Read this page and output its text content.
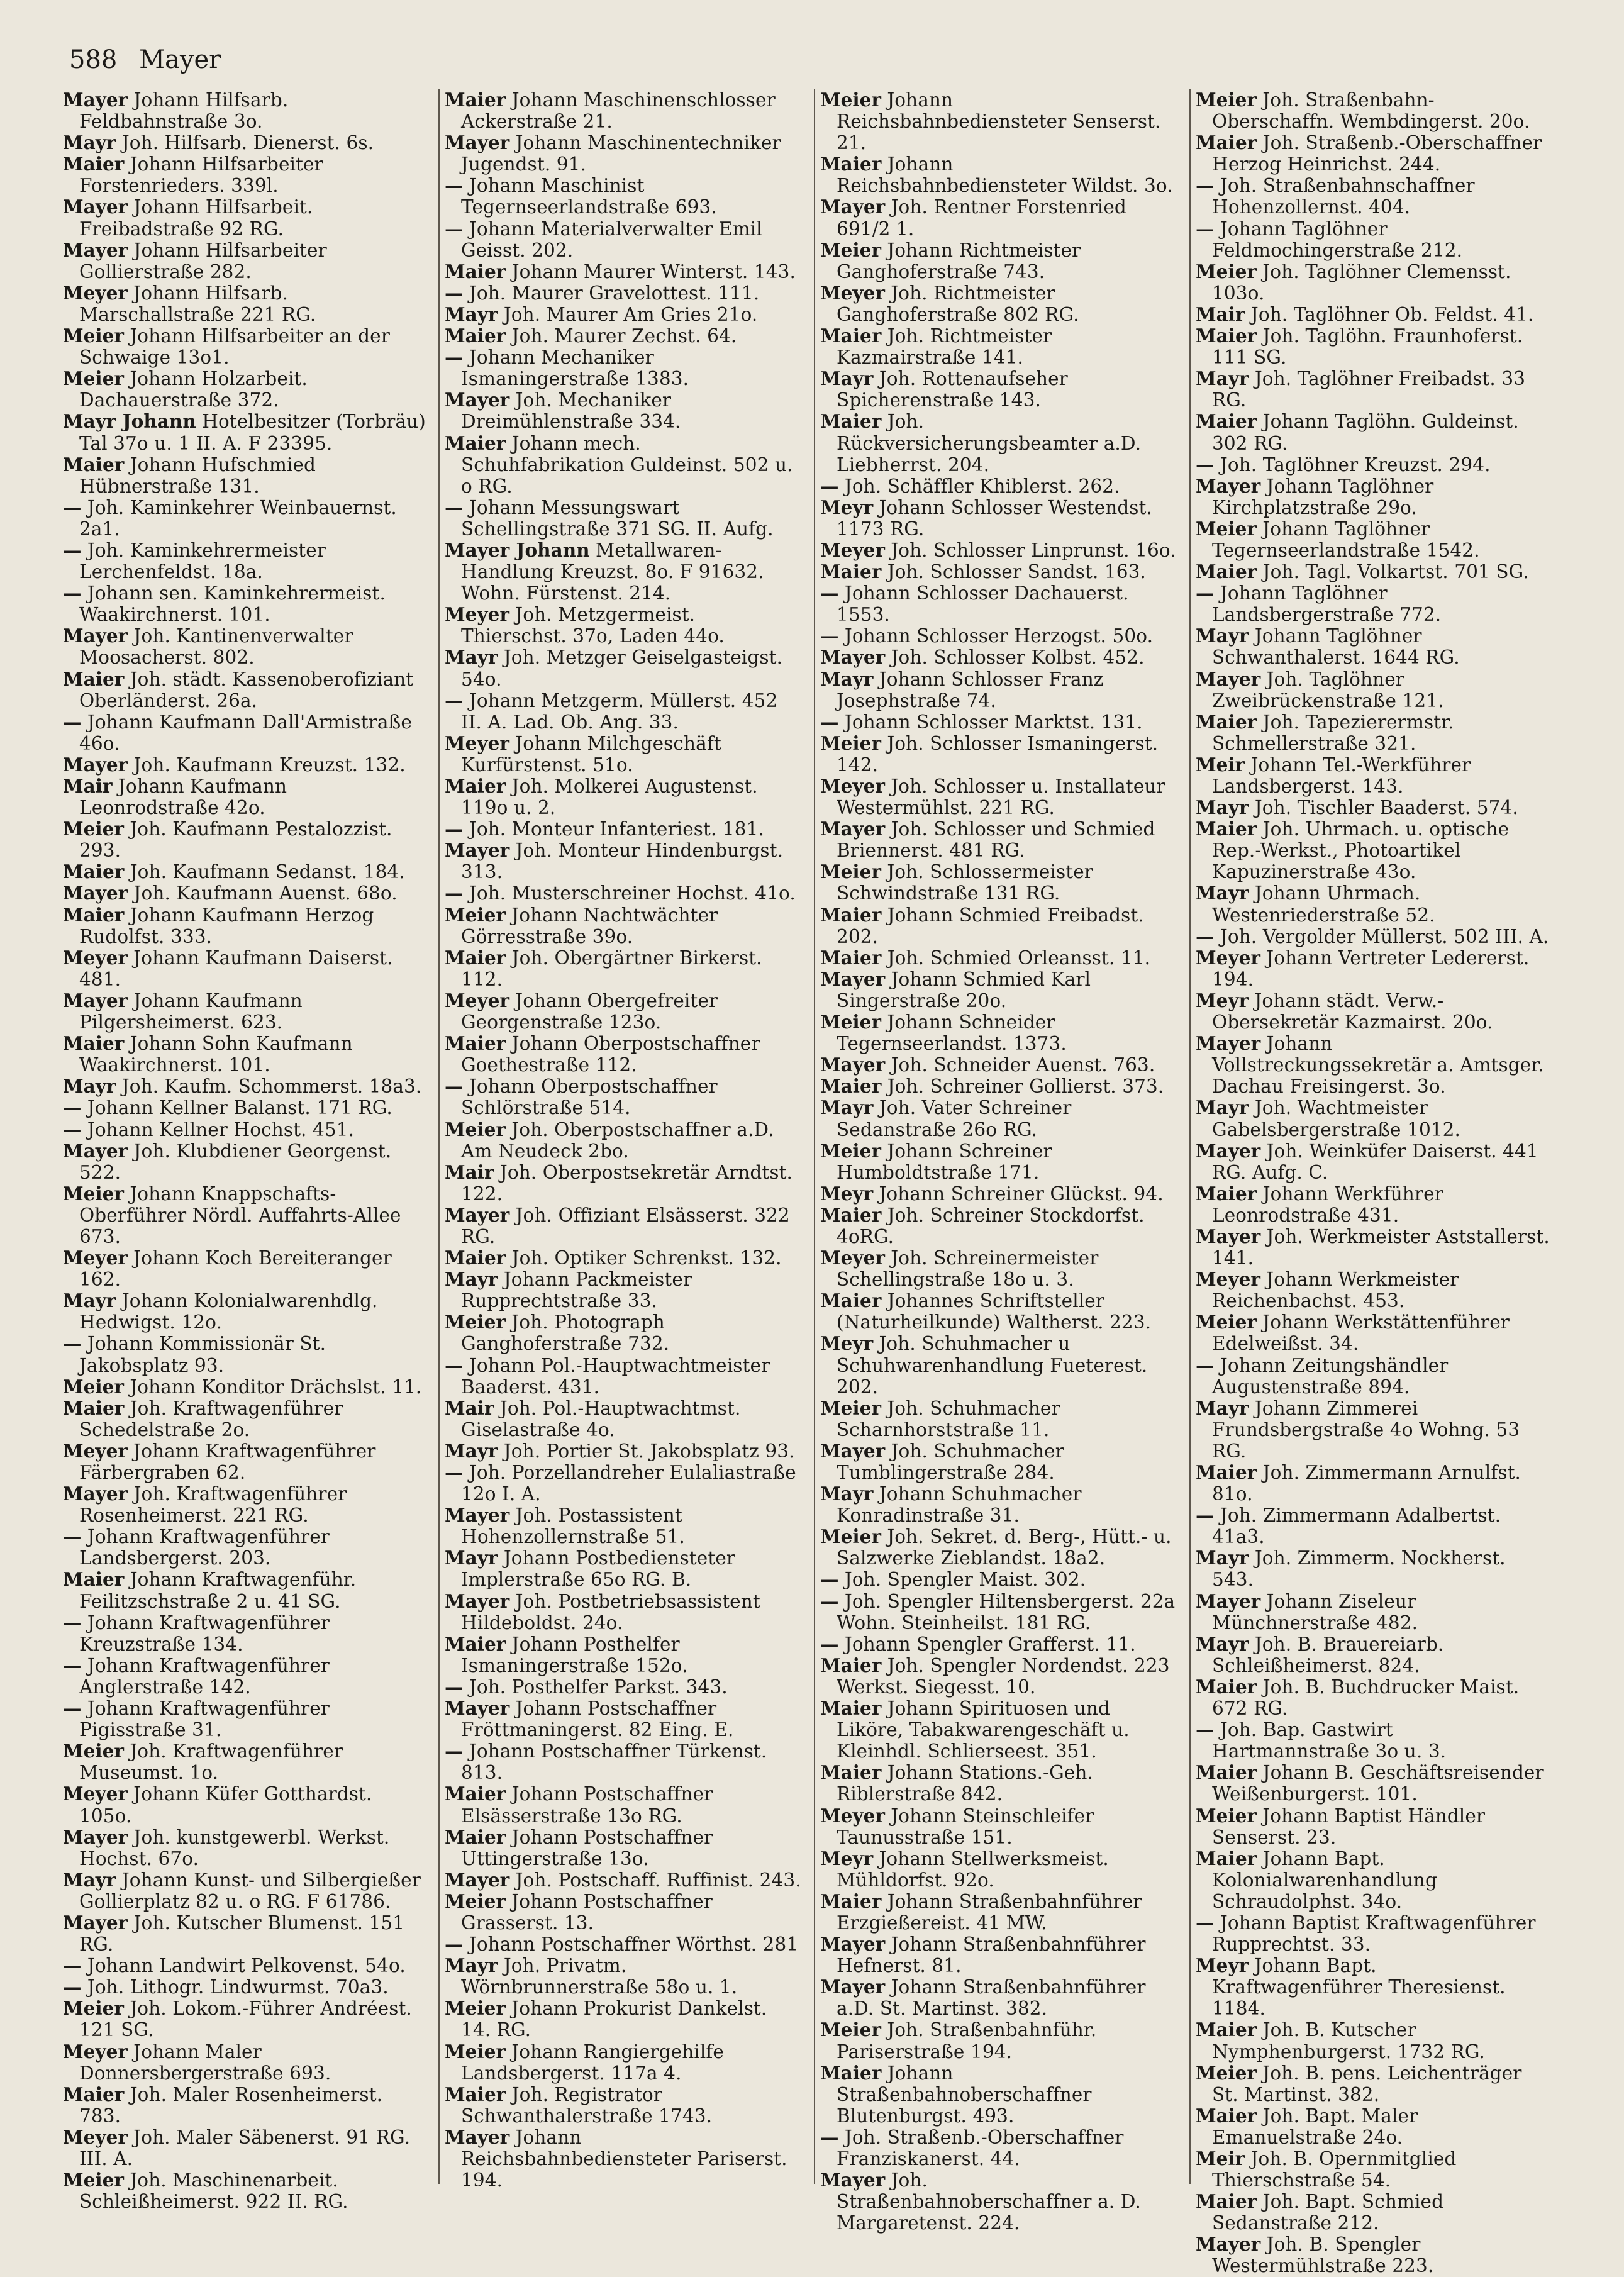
588 Mayer
Mayer Johann Hilfsarb. Feldbahnstraße 3o.
Mayr Joh. Hilfsarb. Dienerst. 6s.
Maier Johann Hilfsarbeiter Forstenrieders. 339l.
Mayer Johann Hilfsarbeit. Freibadstraße 92 RG.
Mayer Johann Hilfsarbeiter Gollierstraße 282.
Meyer Johann Hilfsarb. Marschallstraße 221 RG.
Meier Johann Hilfsarbeiter an der Schwaige 13o1.
Meier Johann Holzarbeit. Dachauerstraße 372.
Mayr Johann Hotelbesitzer (Torbräu) Tal 37o u. 1 II. A. F 23395.
Maier Johann Hufschmied Hübnerstraße 131.
— Joh. Kaminkehrer Weinbauernst. 2a1.
— Joh. Kaminkehrermeister Lerchenfeldst. 18a.
— Johann sen. Kaminkehrermeist. Waakirchnerst. 101.
Mayer Joh. Kantinenverwalter Moosacherst. 802.
Maier Joh. städt. Kassenoberofiziant Oberländerst. 26a.
— Johann Kaufmann Dall'Armistraße 46o.
Mayer Joh. Kaufmann Kreuzst. 132.
Mair Johann Kaufmann Leonrodstraße 42o.
Meier Joh. Kaufmann Pestalozzist. 293.
Maier Joh. Kaufmann Sedanst. 184.
Mayer Joh. Kaufmann Auenst. 68o.
Maier Johann Kaufmann Herzog Rudolfst. 333.
Meyer Johann Kaufmann Daiserst. 481.
Mayer Johann Kaufmann Pilgersheimerst. 623.
Maier Johann Sohn Kaufmann Waakirchnerst. 101.
Mayr Joh. Kaufm. Schommerst. 18a3.
— Johann Kellner Balanst. 171 RG.
— Johann Kellner Hochst. 451.
Mayer Joh. Klubdiener Georgenst. 522.
Meier Johann Knappschafts-Oberführer Nördl. Auffahrts-Allee 673.
Meyer Johann Koch Bereiteranger 162.
Mayr Johann Kolonialwarenhdlg. Hedwigst. 12o.
— Johann Kommissionär St. Jakobsplatz 93.
Meier Johann Konditor Drächslst. 11.
Maier Joh. Kraftwagenführer Schedelstraße 2o.
Meyer Johann Kraftwagenführer Färbergraben 62.
Mayer Joh. Kraftwagenführer Rosenheimerst. 221 RG.
— Johann Kraftwagenführer Landsbergerst. 203.
Maier Johann Kraftwagenführ. Feilitzschstraße 2 u. 41 SG.
— Johann Kraftwagenführer Kreuzstraße 134.
— Johann Kraftwagenführer Anglerstraße 142.
— Johann Kraftwagenführer Pigisstraße 31.
Meier Joh. Kraftwagenführer Museumst. 1o.
Meyer Johann Küfer Gotthardst. 105o.
Mayer Joh. kunstgewerbl. Werkst. Hochst. 67o.
Mayr Johann Kunst- und Silbergießer Gollierplatz 82 u. o RG. F 61786.
Mayer Joh. Kutscher Blumenst. 151 RG.
— Johann Landwirt Pelkovenst. 54o.
— Joh. Lithogr. Lindwurmst. 70a3.
Meier Joh. Lokom.-Führer Andréest. 121 SG.
Meyer Johann Maler Donnersbergerstraße 693.
Maier Joh. Maler Rosenheimerst. 783.
Meyer Joh. Maler Säbenerst. 91 RG. III. A.
Meier Joh. Maschinenarbeit. Schleißheimerst. 922 II. RG.
Maier Johann Maschinenschlosser Ackerstraße 21.
Mayer Johann Maschinentechniker Jugendst. 91.
— Johann Maschinist Tegernseerlandstraße 693.
— Johann Materialverwalter Emil Geisst. 202.
Maier Johann Maurer Winterst. 143.
— Joh. Maurer Gravelottest. 111.
Mayr Joh. Maurer Am Gries 21o.
Maier Joh. Maurer Zechst. 64.
— Johann Mechaniker Ismaningerstraße 1383.
Mayer Joh. Mechaniker Dreimühlenstraße 334.
Maier Johann mech. Schuhfabrikation Guldeinst. 502 u. o RG.
— Johann Messungswart Schellingstraße 371 SG. II. Aufg.
Mayer Johann Metallwaren-Handlung Kreuzst. 8o. F 91632. Wohn. Fürstenst. 214.
Meyer Joh. Metzgermeist. Thierschst. 37o, Laden 44o.
Mayr Joh. Metzger Geiselgasteigst. 54o.
— Johann Metzgerm. Müllerst. 452 II. A. Lad. Ob. Ang. 33.
Meyer Johann Milchgeschäft Kurfürstenst. 51o.
Maier Joh. Molkerei Augustenst. 119o u. 2.
— Joh. Monteur Infanteriest. 181.
Mayer Joh. Monteur Hindenburgst. 313.
— Joh. Musterschreiner Hochst. 41o.
Meier Johann Nachtwächter Görresstraße 39o.
Maier Joh. Obergärtner Birkerst. 112.
Meyer Johann Obergefreiter Georgenstraße 123o.
Maier Johann Oberpostschaffner Goethestraße 112.
— Johann Oberpostschaffner Schlörstraße 514.
Meier Joh. Oberpostschaffner a.D. Am Neudeck 2bo.
Mair Joh. Oberpostsekretär Arndtst. 122.
Mayer Joh. Offiziant Elsässerst. 322 RG.
Maier Joh. Optiker Schrenkst. 132.
Mayr Johann Packmeister Rupprechtstraße 33.
Meier Joh. Photograph Ganghoferstraße 732.
— Johann Pol.-Hauptwachtmeister Baaderst. 431.
Mair Joh. Pol.-Hauptwachtmst. Giselastraße 4o.
Mayr Joh. Portier St. Jakobsplatz 93.
— Joh. Porzellandreher Eulaliastraße 12o I. A.
Mayer Joh. Postassistent Hohenzollernstraße 51.
Mayr Johann Postbediensteter Implerstraße 65o RG. B.
Mayer Joh. Postbetriebsassistent Hildeboldst. 24o.
Maier Johann Posthelfer Ismaningerstraße 152o.
— Joh. Posthelfer Parkst. 343.
Mayer Johann Postschaffner Fröttmaningerst. 82 Eing. E.
— Johann Postschaffner Türkenst. 813.
Maier Johann Postschaffner Elsässerstraße 13o RG.
Maier Johann Postschaffner Uttingerstraße 13o.
Mayer Joh. Postschaff. Ruffinist. 243.
Meier Johann Postschaffner Grasserst. 13.
— Johann Postschaffner Wörthst. 281
Mayr Joh. Privatm. Wörnbrunnerstraße 58o u. 1.
Meier Johann Prokurist Dankelst. 14. RG.
Meier Johann Rangiergehilfe Landsbergerst. 117a 4.
Maier Joh. Registrator Schwanthalerstraße 1743.
Mayer Johann Reichsbahnbediensteter Pariserst. 194.
Meier Johann Reichsbahnbediensteter Senserst. 21.
Maier Johann Reichsbahnbediensteter Wildst. 3o.
Mayer Joh. Rentner Forstenried 691/2 1.
Meier Johann Richtmeister Ganghoferstraße 743.
Meyer Joh. Richtmeister Ganghoferstraße 802 RG.
Maier Joh. Richtmeister Kazmairstraße 141.
Mayr Joh. Rottenaufseher Spicherenstraße 143.
Maier Joh. Rückversicherungsbeamter a.D. Liebherrst. 204.
— Joh. Schäffler Khiblerst. 262.
Meyr Johann Schlosser Westendst. 1173 RG.
Meyer Joh. Schlosser Linprunst. 16o.
Maier Joh. Schlosser Sandst. 163.
— Johann Schlosser Dachauerst. 1553.
— Johann Schlosser Herzogst. 50o.
Mayer Joh. Schlosser Kolbst. 452.
Mayr Johann Schlosser Franz Josephstraße 74.
— Johann Schlosser Marktst. 131.
Meier Joh. Schlosser Ismaningerst. 142.
Meyer Joh. Schlosser u. Installateur Westermühlst. 221 RG.
Mayer Joh. Schlosser und Schmied Briennerst. 481 RG.
Meier Joh. Schlossermeister Schwindstraße 131 RG.
Maier Johann Schmied Freibadst. 202.
Maier Joh. Schmied Orleansst. 11.
Mayer Johann Schmied Karl Singerstraße 20o.
Meier Johann Schneider Tegernseerlandst. 1373.
Mayer Joh. Schneider Auenst. 763.
Maier Joh. Schreiner Gollierst. 373.
Mayr Joh. Vater Schreiner Sedanstraße 26o RG.
Meier Johann Schreiner Humboldtstraße 171.
Meyr Johann Schreiner Glückst. 94.
Maier Joh. Schreiner Stockdorfst. 4oRG.
Meyer Joh. Schreinermeister Schellingstraße 18o u. 3.
Maier Johannes Schriftsteller (Naturheilkunde) Waltherst. 223.
Meyr Joh. Schuhmacher u Schuhwarenhandlung Fueterest. 202.
Meier Joh. Schuhmacher Scharnhorststraße 11.
Mayer Joh. Schuhmacher Tumblingerstraße 284.
Mayr Johann Schuhmacher Konradinstraße 31.
Meier Joh. Sekret. d. Berg-, Hütt.- u. Salzwerke Zieblandst. 18a2.
— Joh. Spengler Maist. 302.
— Joh. Spengler Hiltensbergerst. 22a Wohn. Steinheilst. 181 RG.
— Johann Spengler Grafferst. 11.
Maier Joh. Spengler Nordendst. 223 Werkst. Siegesst. 10.
Maier Johann Spirituosen und Liköre, Tabakwarengeschäft u. Kleinhdl. Schlierseest. 351.
Maier Johann Stations.-Geh. Riblerstraße 842.
Meyer Johann Steinschleifer Taunusstraße 151.
Meyr Johann Stellwerksmeist. Mühldorfst. 92o.
Maier Johann Straßenbahnführer Erzgießereist. 41 MW.
Mayer Johann Straßenbahnführer Hefnerst. 81.
Mayer Johann Straßenbahnführer a.D. St. Martinst. 382.
Meier Joh. Straßenbahnführ. Pariserstraße 194.
Maier Johann Straßenbahnoberschaffner Blutenburgst. 493.
— Joh. Straßenb.-Oberschaffner Franziskanerst. 44.
Mayer Joh. Straßenbahnoberschaffner a. D. Margaretenst. 224.
Meier Joh. Straßenbahn-Oberschaffn. Wembdingerst. 20o.
Maier Joh. Straßenb.-Oberschaffner Herzog Heinrichst. 244.
— Joh. Straßenbahnschaffner Hohenzollernst. 404.
— Johann Taglöhner Feldmochingerstraße 212.
Meier Joh. Taglöhner Clemensst. 103o.
Mair Joh. Taglöhner Ob. Feldst. 41.
Maier Joh. Taglöhn. Fraunhoferst. 111 SG.
Mayr Joh. Taglöhner Freibadst. 33 RG.
Maier Johann Taglöhn. Guldeinst. 302 RG.
— Joh. Taglöhner Kreuzst. 294.
Mayer Johann Taglöhner Kirchplatzstraße 29o.
Meier Johann Taglöhner Tegernseerlandstraße 1542.
Maier Joh. Tagl. Volkartst. 701 SG.
— Johann Taglöhner Landsbergerstraße 772.
Mayr Johann Taglöhner Schwanthalerst. 1644 RG.
Mayer Joh. Taglöhner Zweibrückenstraße 121.
Maier Joh. Tapezierermstr. Schmellerstraße 321.
Meir Johann Tel.-Werkführer Landsbergerst. 143.
Mayr Joh. Tischler Baaderst. 574.
Maier Joh. Uhrmach. u. optische Rep.-Werkst., Photoartikel Kapuzinerstraße 43o.
Mayr Johann Uhrmach. Westenriederstraße 52.
— Joh. Vergolder Müllerst. 502 III. A.
Meyer Johann Vertreter Ledererst. 194.
Meyr Johann städt. Verw.-Obersekretär Kazmairst. 20o.
Mayer Johann Vollstreckungssekretär a. Amtsger. Dachau Freisingerst. 3o.
Mayr Joh. Wachtmeister Gabelsbergerstraße 1012.
Mayer Joh. Weinküfer Daiserst. 441 RG. Aufg. C.
Maier Johann Werkführer Leonrodstraße 431.
Mayer Joh. Werkmeister Aststallerst. 141.
Meyer Johann Werkmeister Reichenbachst. 453.
Meier Johann Werkstättenführer Edelweißst. 34.
— Johann Zeitungshändler Augustenstraße 894.
Mayr Johann Zimmerei Frundsbergstraße 4o Wohng. 53 RG.
Maier Joh. Zimmermann Arnulfst. 81o.
— Joh. Zimmermann Adalbertst. 41a3.
Mayr Joh. Zimmerm. Nockherst. 543.
Mayer Johann Ziseleur Münchnerstraße 482.
Mayr Joh. B. Brauereiarb. Schleißheimerst. 824.
Maier Joh. B. Buchdrucker Maist. 672 RG.
— Joh. Bap. Gastwirt Hartmannstraße 3o u. 3.
Maier Johann B. Geschäftsreisender Weißenburgerst. 101.
Meier Johann Baptist Händler Senserst. 23.
Maier Johann Bapt. Kolonialwarenhandlung Schraudolphst. 34o.
— Johann Baptist Kraftwagenführer Rupprechtst. 33.
Meyr Johann Bapt. Kraftwagenführer Theresienst. 1184.
Maier Joh. B. Kutscher Nymphenburgerst. 1732 RG.
Meier Joh. B. pens. Leichenträger St. Martinst. 382.
Maier Joh. Bapt. Maler Emanuelstraße 24o.
Meir Joh. B. Opernmitglied Thierschstraße 54.
Maier Joh. Bapt. Schmied Sedanstraße 212.
Mayer Joh. B. Spengler Westermühlstraße 223.
